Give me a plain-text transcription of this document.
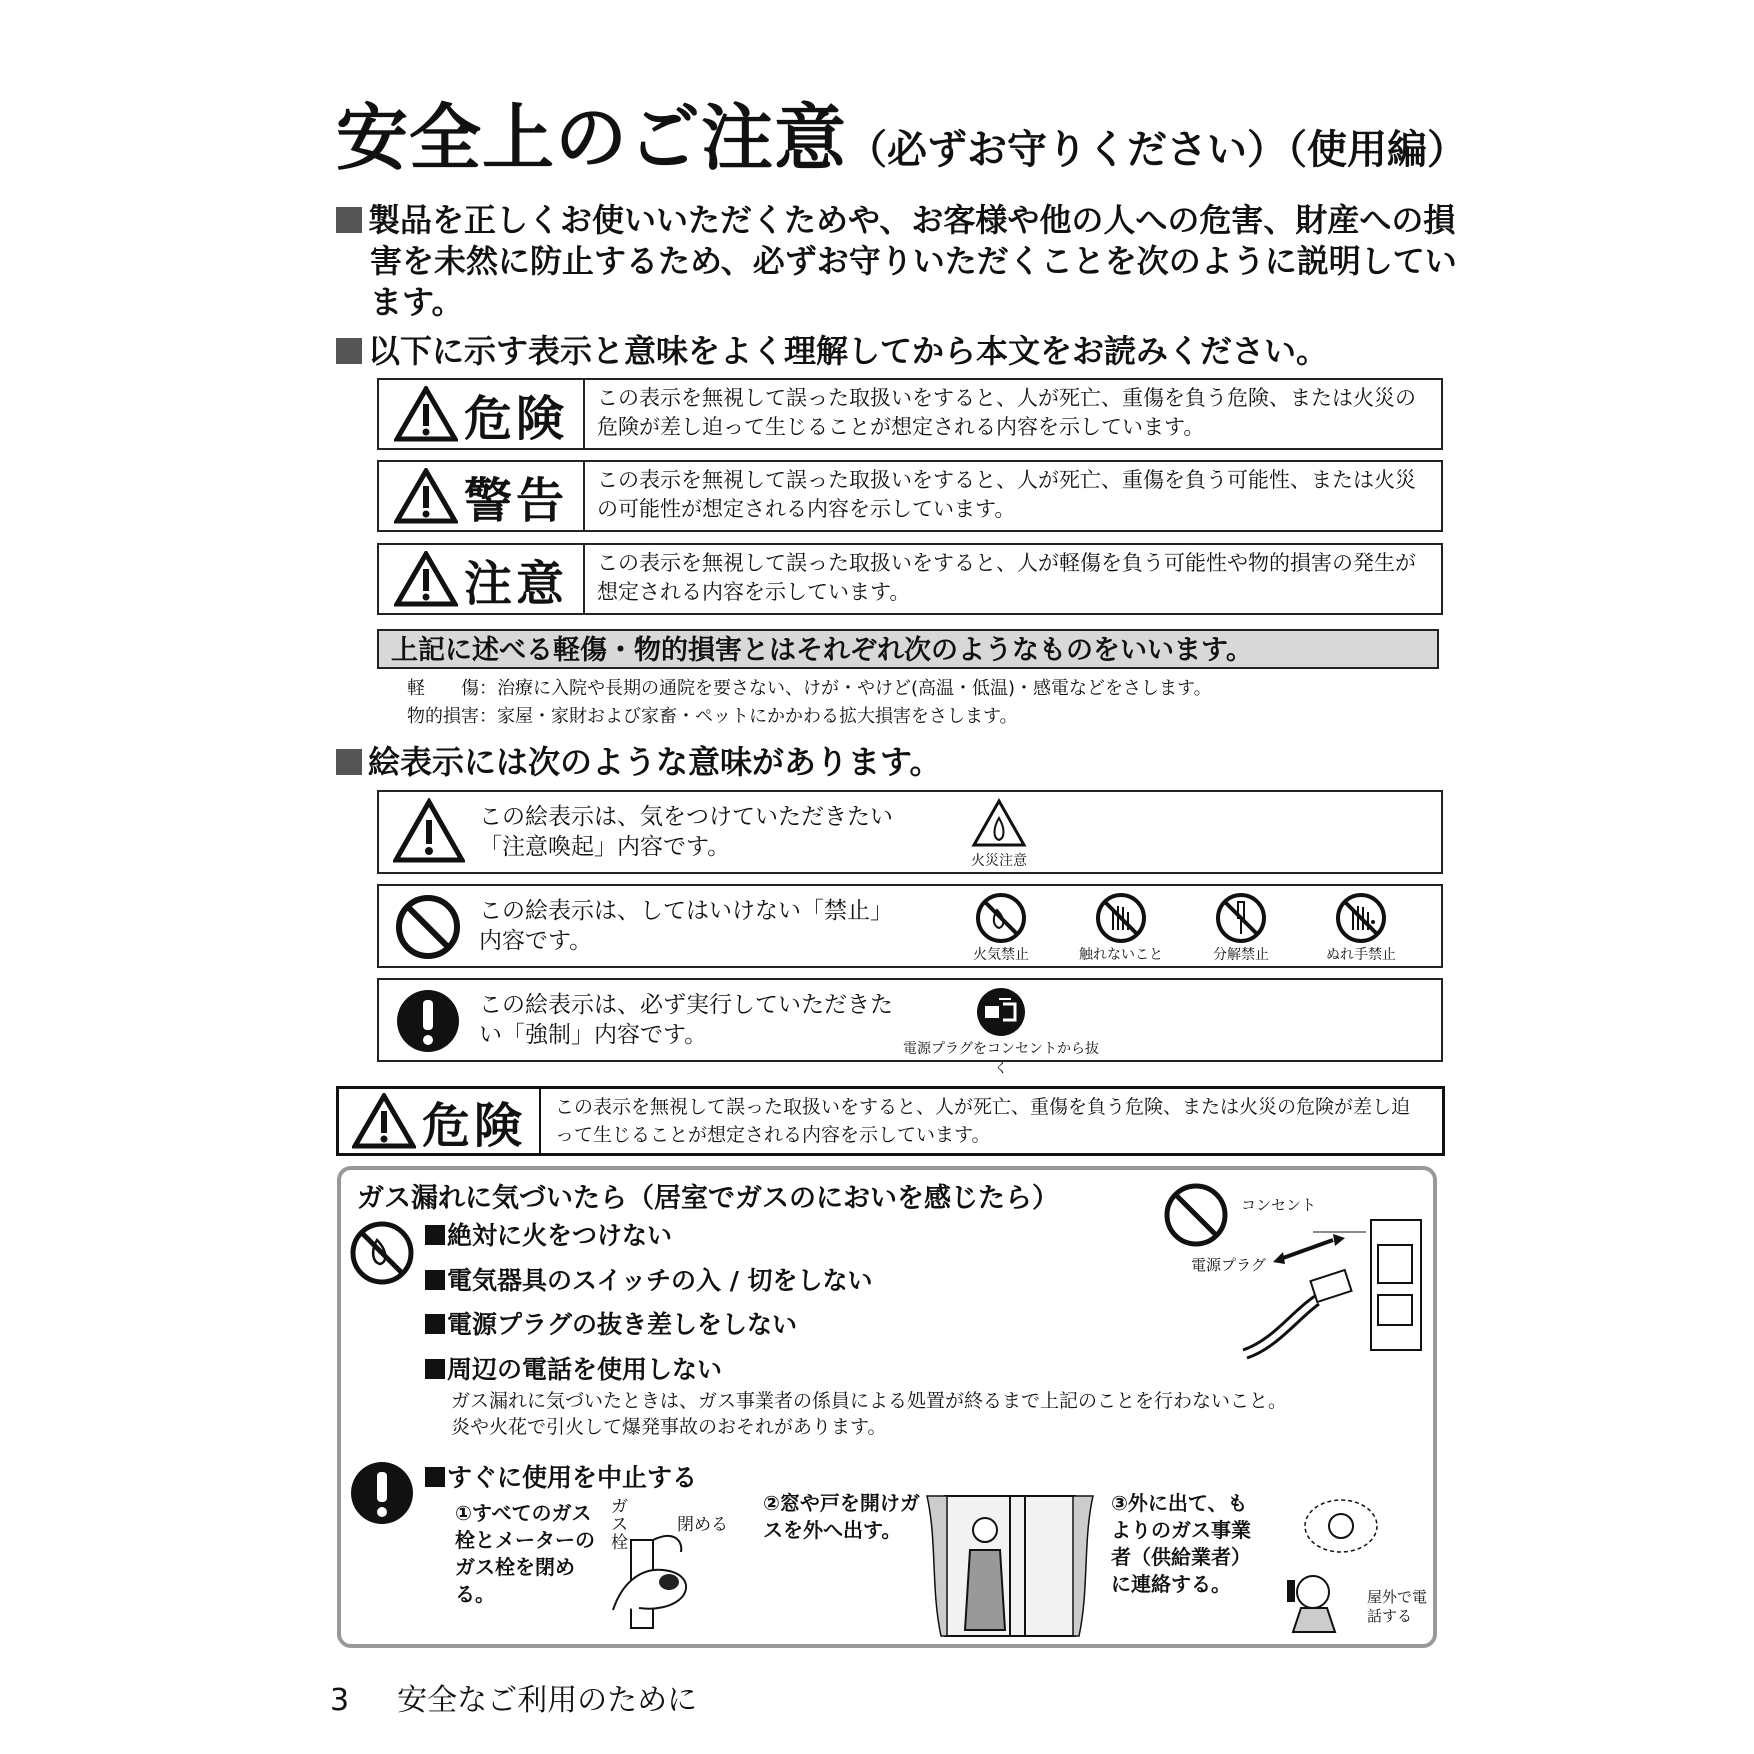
安全上のご注意（必ずお守りください）（使用編）
製品を正しくお使いいただくためや、お客様や他の人への危害、財産への損害を未然に防止するため、必ずお守りいただくことを次のように説明しています。
以下に示す表示と意味をよく理解してから本文をお読みください。
危険	この表示を無視して誤った取扱いをすると、人が死亡、重傷を負う危険、または火災の危険が差し迫って生じることが想定される内容を示しています。
警告	この表示を無視して誤った取扱いをすると、人が死亡、重傷を負う可能性、または火災の可能性が想定される内容を示しています。
注意	この表示を無視して誤った取扱いをすると、人が軽傷を負う可能性や物的損害の発生が想定される内容を示しています。
上記に述べる軽傷・物的損害とはそれぞれ次のようなものをいいます。
軽　　傷：治療に入院や長期の通院を要さない、けが・やけど(高温・低温)・感電などをさします。
物的損害：家屋・家財および家畜・ペットにかかわる拡大損害をさします。
絵表示には次のような意味があります。
この絵表示は、気をつけていただきたい「注意喚起」内容です。
火災注意
この絵表示は、してはいけない「禁止」内容です。
火気禁止	触れないこと	分解禁止	ぬれ手禁止
この絵表示は、必ず実行していただきたい「強制」内容です。
電源プラグをコンセントから抜く
危険	この表示を無視して誤った取扱いをすると、人が死亡、重傷を負う危険、または火災の危険が差し迫って生じることが想定される内容を示しています。
ガス漏れに気づいたら（居室でガスのにおいを感じたら）
絶対に火をつけない
電気器具のスイッチの入 / 切をしない
電源プラグの抜き差しをしない
周辺の電話を使用しない
ガス漏れに気づいたときは、ガス事業者の係員による処置が終るまで上記のことを行わないこと。
炎や火花で引火して爆発事故のおそれがあります。
コンセント
電源プラグ
すぐに使用を中止する
①すべてのガス栓とメーターのガス栓を閉める。
ガス栓
閉める
②窓や戸を開けガスを外へ出す。
③外に出て、もよりのガス事業者（供給業者）に連絡する。
屋外で電話する
3 安全なご利用のために
